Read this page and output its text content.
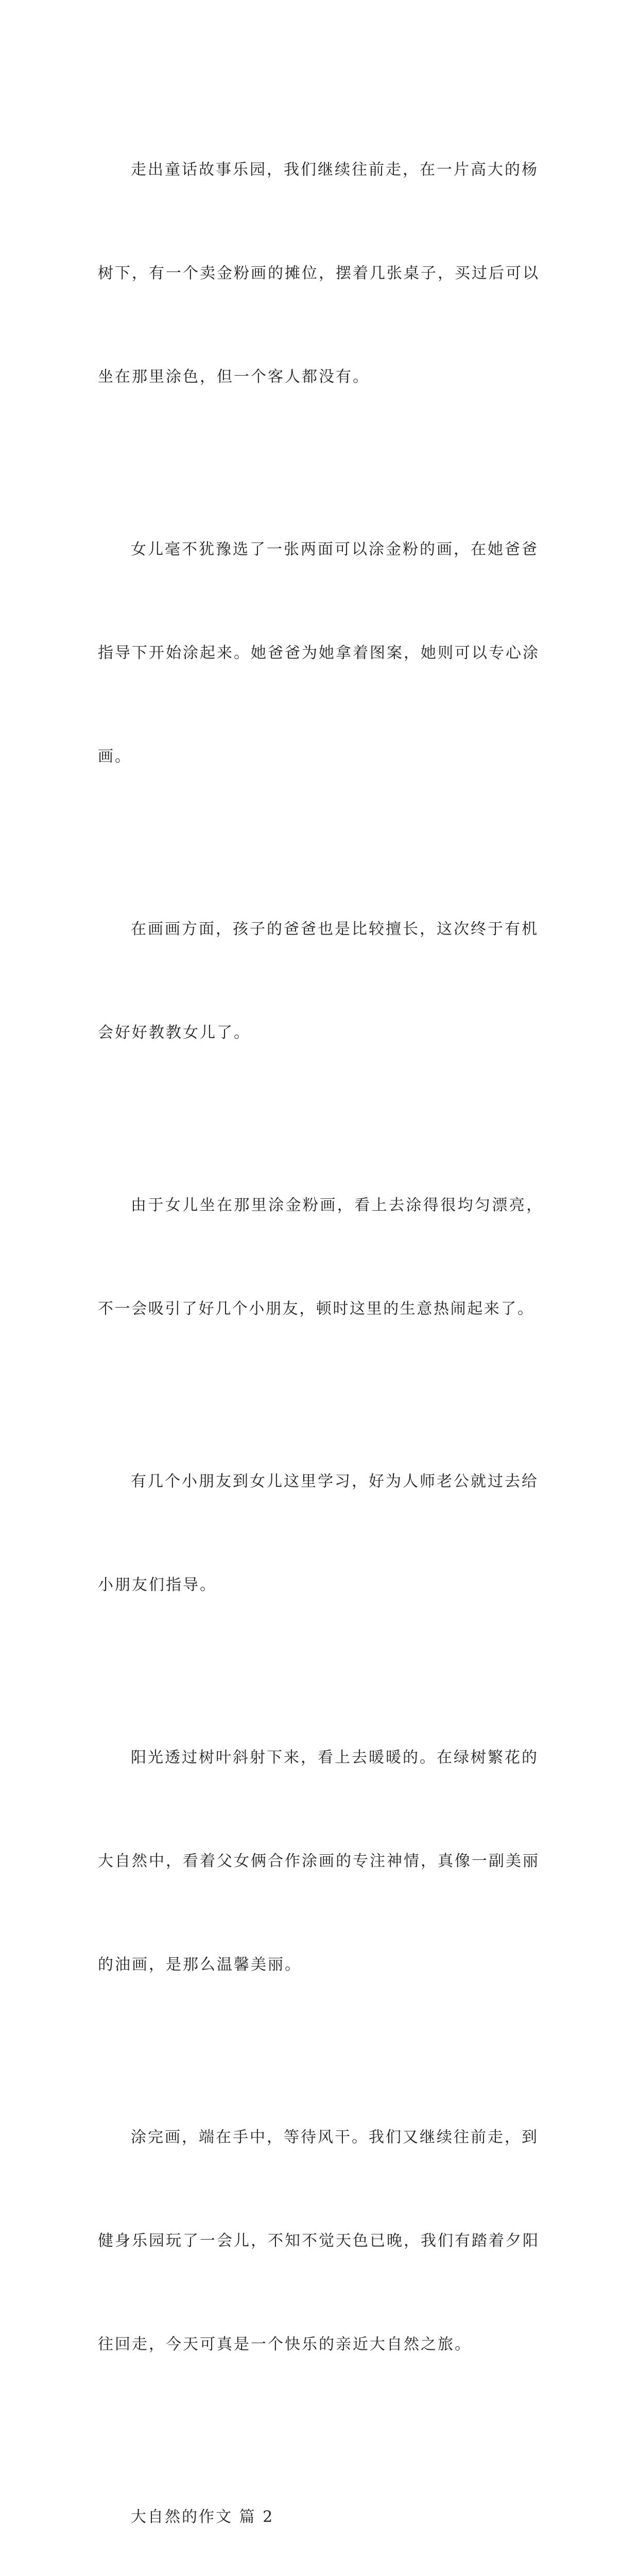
走出童话故事乐园，我们继续往前走，在一片高大的杨

树下，有一个卖金粉画的摊位，摆着几张桌子，买过后可以

坐在那里涂色，但一个客人都没有。

女儿毫不犹豫选了一张两面可以涂金粉的画，在她爸爸

指导下开始涂起来。她爸爸为她拿着图案，她则可以专心涂

画。

在画画方面，孩子的爸爸也是比较擅长，这次终于有机

会好好教教女儿了。

由于女儿坐在那里涂金粉画，看上去涂得很均匀漂亮，

不一会吸引了好几个小朋友，顿时这里的生意热闹起来了。

有几个小朋友到女儿这里学习，好为人师老公就过去给

小朋友们指导。

阳光透过树叶斜射下来，看上去暖暖的。在绿树繁花的

大自然中，看着父女俩合作涂画的专注神情，真像一副美丽

的油画，是那么温馨美丽。

涂完画，端在手中，等待风干。我们又继续往前走，到

健身乐园玩了一会儿，不知不觉天色已晚，我们有踏着夕阳

往回走，今天可真是一个快乐的亲近大自然之旅。

大自然的作文 篇 2
